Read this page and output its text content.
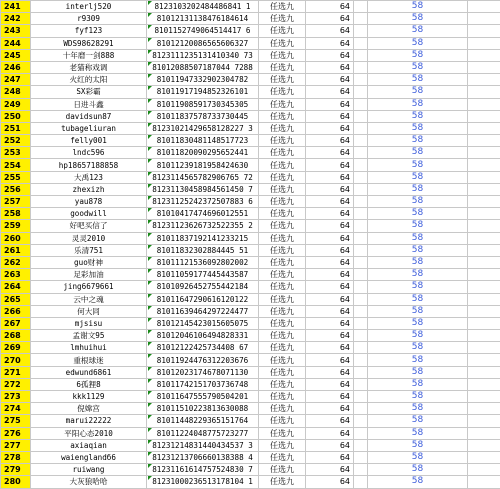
241	interlj520	8123103202484486841 1	任选九	64		58	
242	r9309	81012131138476184614	任选九	64		58	
243	fyf123	8101152749064514417 6	任选九	64		58	
244	WDS98628291	81012120086565606327	任选九	64		58	
245	十年磨一剑888	8123111235131410340 73	任选九	64		58	
246	老猫称戏调	81012088507187044 7288	任选九	64		58	
247	火红的太阳	81011947332902304782	任选九	64		58	
248	SX彩霸	81011917194852326101	任选九	64		58	
249	日进斗鑫	81011908591730345305	任选九	64		58	
250	davidsun87	81011837578733730445	任选九	64		58	
251	tubageliuran	81231021429658128227 3	任选九	64		58	
252	felly001	81011830481148517723	任选九	64		58	
253	lndc596	81011820090295652441	任选九	64		58	
254	hp18657188858	81011239181958424630	任选九	64		58	
255	大禹123	8123114565782906765 72	任选九	64		58	
256	zhexizh	81231130458984561450 7	任选九	64		58	
257	yau878	81231125242372507883 6	任选九	64		58	
258	goodwill	81010417474696012551	任选九	64		58	
259	好吧买信了	81231123626732522355 2	任选九	64		58	
260	灵灵2010	81011837192141233215	任选九	64		58	
261	乐清751	81011832302884445 51	任选九	64		58	
262	guo财神	81011121536092802002	任选九	64		58	
263	足彩加油	81011059177445443587	任选九	64		58	
264	jing6679661	81010926452755442184	任选九	64		58	
265	云中之魂	81011647290616120122	任选九	64		58	
266	何大同	81011639464297224477	任选九	64		58	
267	mjsisu	81012145423015605075	任选九	64		58	
268	孟谢文95	81012046106494828331	任选九	64		58	
269	lmhuihui	81012122425734408 67	任选九	64		58	
270	重根球迷	81011924476312203676	任选九	64		58	
271	edwund6861	81012023174678071130	任选九	64		58	
272	6孤狸8	81011742151703736748	任选九	64		58	
273	kkk1129	81011647555790504201	任选九	64		58	
274	倪嫦宫	81011510223813630088	任选九	64		58	
275	marui22222	81011448229365151764	任选九	64		58	
276	平阳心态2010	81011224048775723277	任选九	64		58	
277	axiaqian	81231214831440434537 3	任选九	64		58	
278	waienglandб6	81231213706660138388 4	任选九	64		58	
279	ruiwang	81231161614757524830 7	任选九	64		58	
280	大灰狼哈哈	81231000236513178104 1	任选九	64		58	
